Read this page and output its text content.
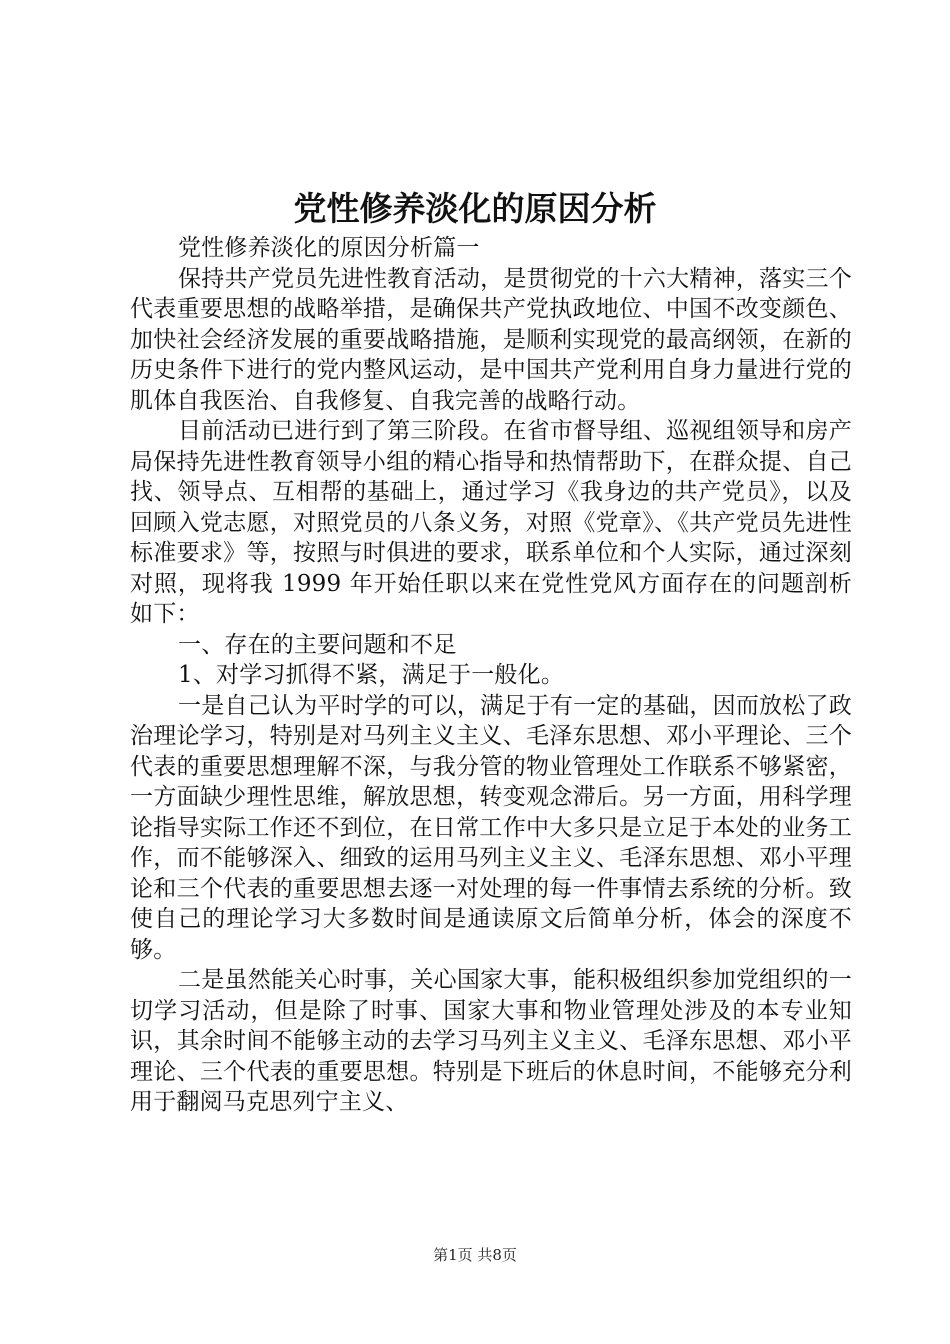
党性修养淡化的原因分析

党性修养淡化的原因分析篇一

保持共产党员先进性教育活动，是贯彻党的十六大精神，落实三个代表重要思想的战略举措，是确保共产党执政地位、中国不改变颜色、加快社会经济发展的重要战略措施，是顺利实现党的最高纲领，在新的历史条件下进行的党内整风运动，是中国共产党利用自身力量进行党的肌体自我医治、自我修复、自我完善的战略行动。

目前活动已进行到了第三阶段。在省市督导组、巡视组领导和房产局保持先进性教育领导小组的精心指导和热情帮助下，在群众提、自己找、领导点、互相帮的基础上，通过学习《我身边的共产党员》，以及回顾入党志愿，对照党员的八条义务，对照《党章》、《共产党员先进性标准要求》等，按照与时俱进的要求，联系单位和个人实际，通过深刻对照，现将我 1999 年开始任职以来在党性党风方面存在的问题剖析如下：

一、存在的主要问题和不足

1、对学习抓得不紧，满足于一般化。

一是自己认为平时学的可以，满足于有一定的基础，因而放松了政治理论学习，特别是对马列主义主义、毛泽东思想、邓小平理论、三个代表的重要思想理解不深，与我分管的物业管理处工作联系不够紧密，一方面缺少理性思维，解放思想，转变观念滞后。另一方面，用科学理论指导实际工作还不到位，在日常工作中大多只是立足于本处的业务工作，而不能够深入、细致的运用马列主义主义、毛泽东思想、邓小平理论和三个代表的重要思想去逐一对处理的每一件事情去系统的分析。致使自己的理论学习大多数时间是通读原文后简单分析，体会的深度不够。

二是虽然能关心时事，关心国家大事，能积极组织参加党组织的一切学习活动，但是除了时事、国家大事和物业管理处涉及的本专业知识，其余时间不能够主动的去学习马列主义主义、毛泽东思想、邓小平理论、三个代表的重要思想。特别是下班后的休息时间，不能够充分利用于翻阅马克思列宁主义、

第1页 共8页
